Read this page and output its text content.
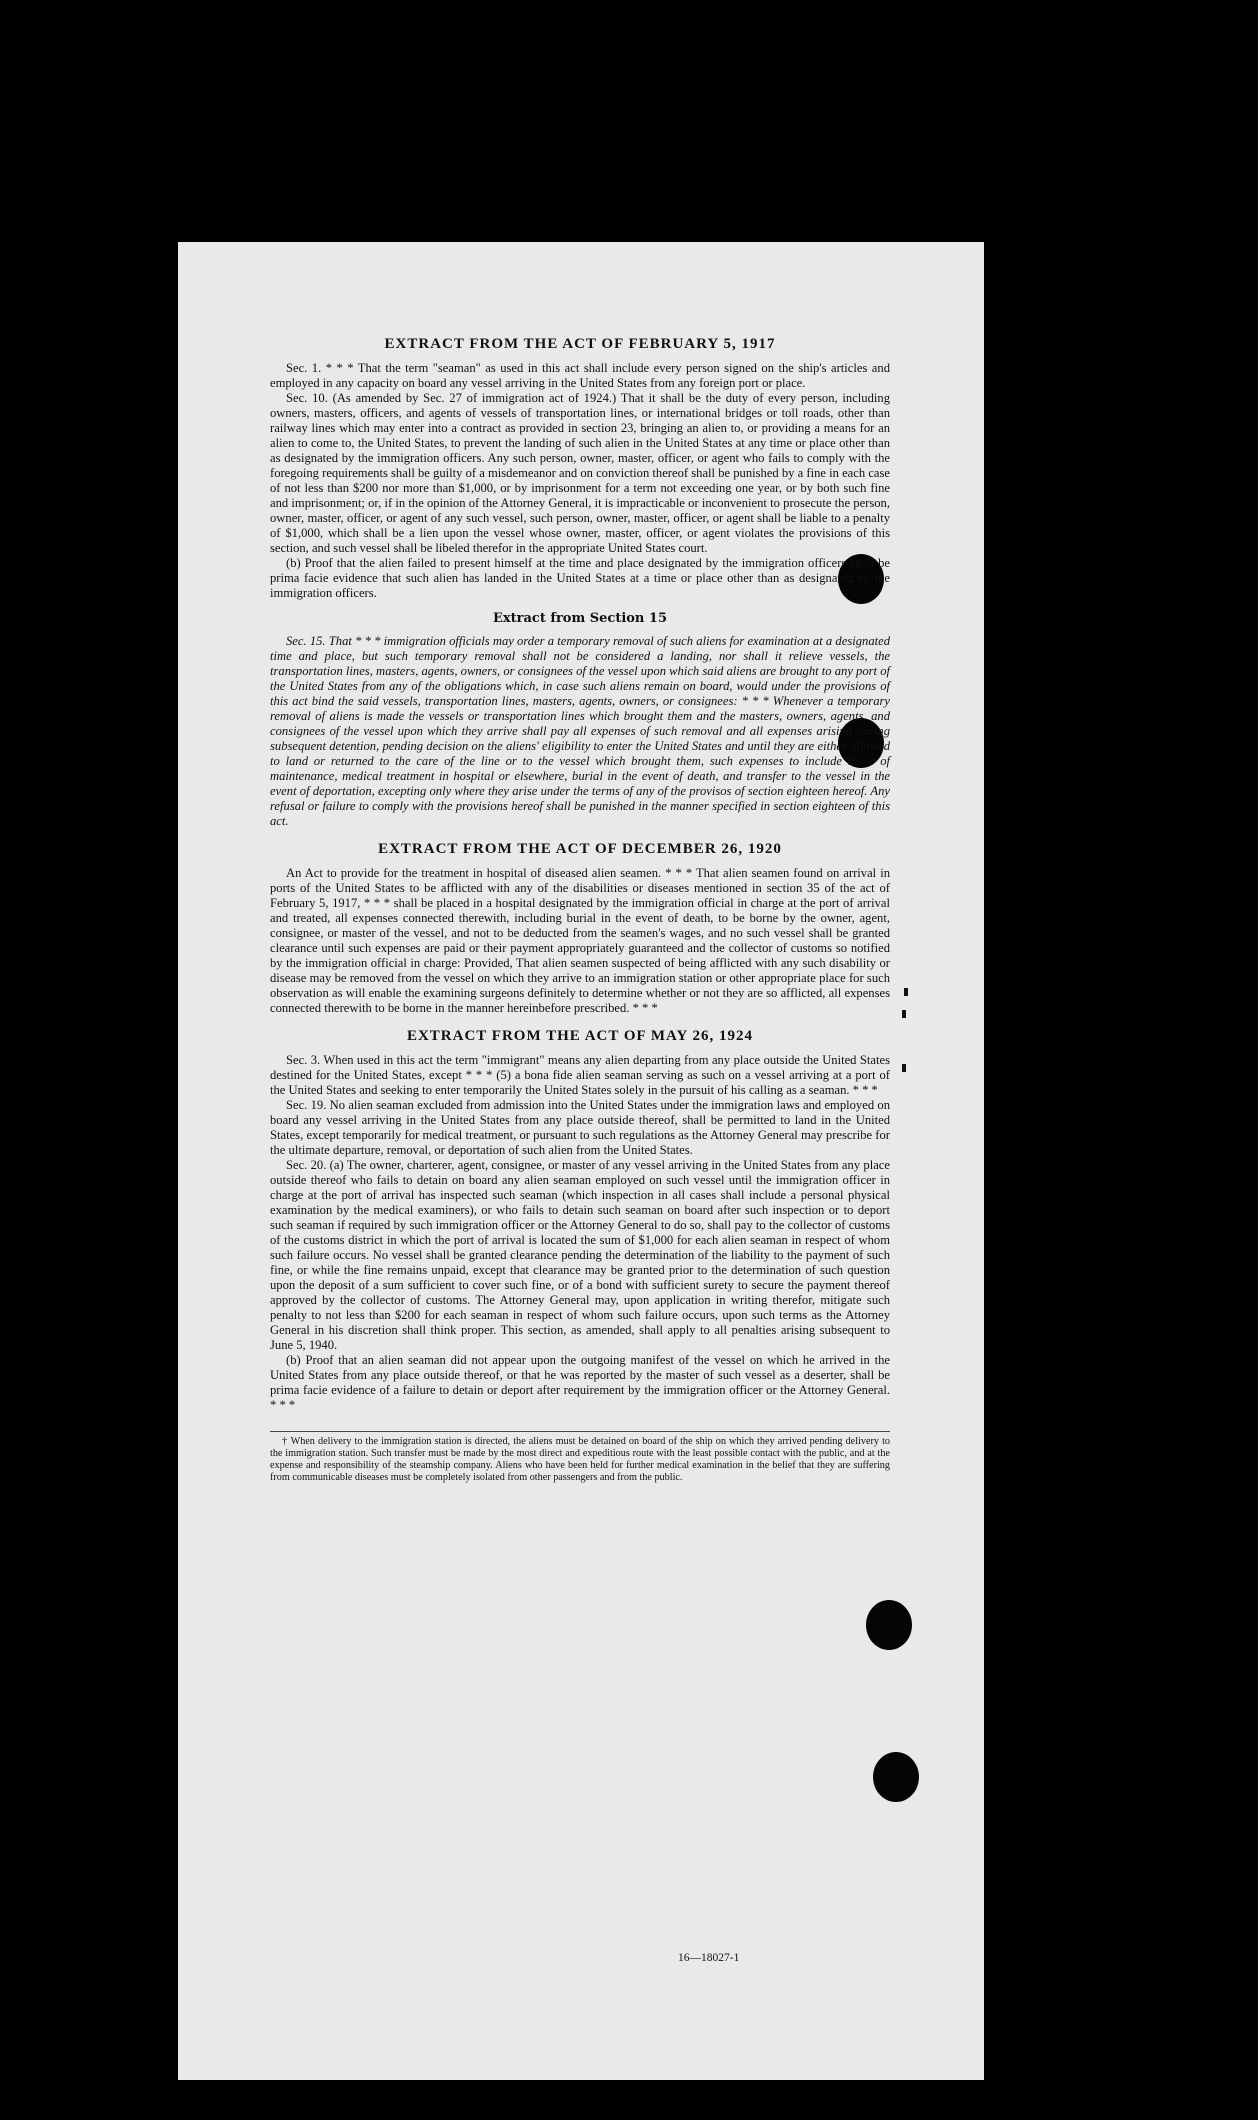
EXTRACT FROM THE ACT OF FEBRUARY 5, 1917

Sec. 1. * * * That the term "seaman" as used in this act shall include every person signed on the ship's articles and employed in any capacity on board any vessel arriving in the United States from any foreign port or place.

Sec. 10. (As amended by Sec. 27 of immigration act of 1924.) That it shall be the duty of every person, including owners, masters, officers, and agents of vessels of transportation lines, or international bridges or toll roads, other than railway lines which may enter into a contract as provided in section 23, bringing an alien to, or providing a means for an alien to come to, the United States, to prevent the landing of such alien in the United States at any time or place other than as designated by the immigration officers. Any such person, owner, master, officer, or agent who fails to comply with the foregoing requirements shall be guilty of a misdemeanor and on conviction thereof shall be punished by a fine in each case of not less than $200 nor more than $1,000, or by imprisonment for a term not exceeding one year, or by both such fine and imprisonment; or, if in the opinion of the Attorney General, it is impracticable or inconvenient to prosecute the person, owner, master, officer, or agent of any such vessel, such person, owner, master, officer, or agent shall be liable to a penalty of $1,000, which shall be a lien upon the vessel whose owner, master, officer, or agent violates the provisions of this section, and such vessel shall be libeled therefor in the appropriate United States court.

(b) Proof that the alien failed to present himself at the time and place designated by the immigration officers shall be prima facie evidence that such alien has landed in the United States at a time or place other than as designated by the immigration officers.

Extract from Section 15

Sec. 15. That * * * immigration officials may order a temporary removal of such aliens for examination at a designated time and place, but such temporary removal shall not be considered a landing, nor shall it relieve vessels, the transportation lines, masters, agents, owners, or consignees of the vessel upon which said aliens are brought to any port of the United States from any of the obligations which, in case such aliens remain on board, would under the provisions of this act bind the said vessels, transportation lines, masters, agents, owners, or consignees: * * * Whenever a temporary removal of aliens is made the vessels or transportation lines which brought them and the masters, owners, agents, and consignees of the vessel upon which they arrive shall pay all expenses of such removal and all expenses arising during subsequent detention, pending decision on the aliens' eligibility to enter the United States and until they are either allowed to land or returned to the care of the line or to the vessel which brought them, such expenses to include those of maintenance, medical treatment in hospital or elsewhere, burial in the event of death, and transfer to the vessel in the event of deportation, excepting only where they arise under the terms of any of the provisos of section eighteen hereof. Any refusal or failure to comply with the provisions hereof shall be punished in the manner specified in section eighteen of this act.

EXTRACT FROM THE ACT OF DECEMBER 26, 1920

An Act to provide for the treatment in hospital of diseased alien seamen. * * * That alien seamen found on arrival in ports of the United States to be afflicted with any of the disabilities or diseases mentioned in section 35 of the act of February 5, 1917, * * * shall be placed in a hospital designated by the immigration official in charge at the port of arrival and treated, all expenses connected therewith, including burial in the event of death, to be borne by the owner, agent, consignee, or master of the vessel, and not to be deducted from the seamen's wages, and no such vessel shall be granted clearance until such expenses are paid or their payment appropriately guaranteed and the collector of customs so notified by the immigration official in charge: Provided, That alien seamen suspected of being afflicted with any such disability or disease may be removed from the vessel on which they arrive to an immigration station or other appropriate place for such observation as will enable the examining surgeons definitely to determine whether or not they are so afflicted, all expenses connected therewith to be borne in the manner hereinbefore prescribed. * * *

EXTRACT FROM THE ACT OF MAY 26, 1924

Sec. 3. When used in this act the term "immigrant" means any alien departing from any place outside the United States destined for the United States, except * * * (5) a bona fide alien seaman serving as such on a vessel arriving at a port of the United States and seeking to enter temporarily the United States solely in the pursuit of his calling as a seaman. * * *

Sec. 19. No alien seaman excluded from admission into the United States under the immigration laws and employed on board any vessel arriving in the United States from any place outside thereof, shall be permitted to land in the United States, except temporarily for medical treatment, or pursuant to such regulations as the Attorney General may prescribe for the ultimate departure, removal, or deportation of such alien from the United States.

Sec. 20. (a) The owner, charterer, agent, consignee, or master of any vessel arriving in the United States from any place outside thereof who fails to detain on board any alien seaman employed on such vessel until the immigration officer in charge at the port of arrival has inspected such seaman (which inspection in all cases shall include a personal physical examination by the medical examiners), or who fails to detain such seaman on board after such inspection or to deport such seaman if required by such immigration officer or the Attorney General to do so, shall pay to the collector of customs of the customs district in which the port of arrival is located the sum of $1,000 for each alien seaman in respect of whom such failure occurs. No vessel shall be granted clearance pending the determination of the liability to the payment of such fine, or while the fine remains unpaid, except that clearance may be granted prior to the determination of such question upon the deposit of a sum sufficient to cover such fine, or of a bond with sufficient surety to secure the payment thereof approved by the collector of customs. The Attorney General may, upon application in writing therefor, mitigate such penalty to not less than $200 for each seaman in respect of whom such failure occurs, upon such terms as the Attorney General in his discretion shall think proper. This section, as amended, shall apply to all penalties arising subsequent to June 5, 1940.

(b) Proof that an alien seaman did not appear upon the outgoing manifest of the vessel on which he arrived in the United States from any place outside thereof, or that he was reported by the master of such vessel as a deserter, shall be prima facie evidence of a failure to detain or deport after requirement by the immigration officer or the Attorney General. * * *

† When delivery to the immigration station is directed, the aliens must be detained on board of the ship on which they arrived pending delivery to the immigration station. Such transfer must be made by the most direct and expeditious route with the least possible contact with the public, and at the expense and responsibility of the steamship company. Aliens who have been held for further medical examination in the belief that they are suffering from communicable diseases must be completely isolated from other passengers and from the public.

16—18027-1
